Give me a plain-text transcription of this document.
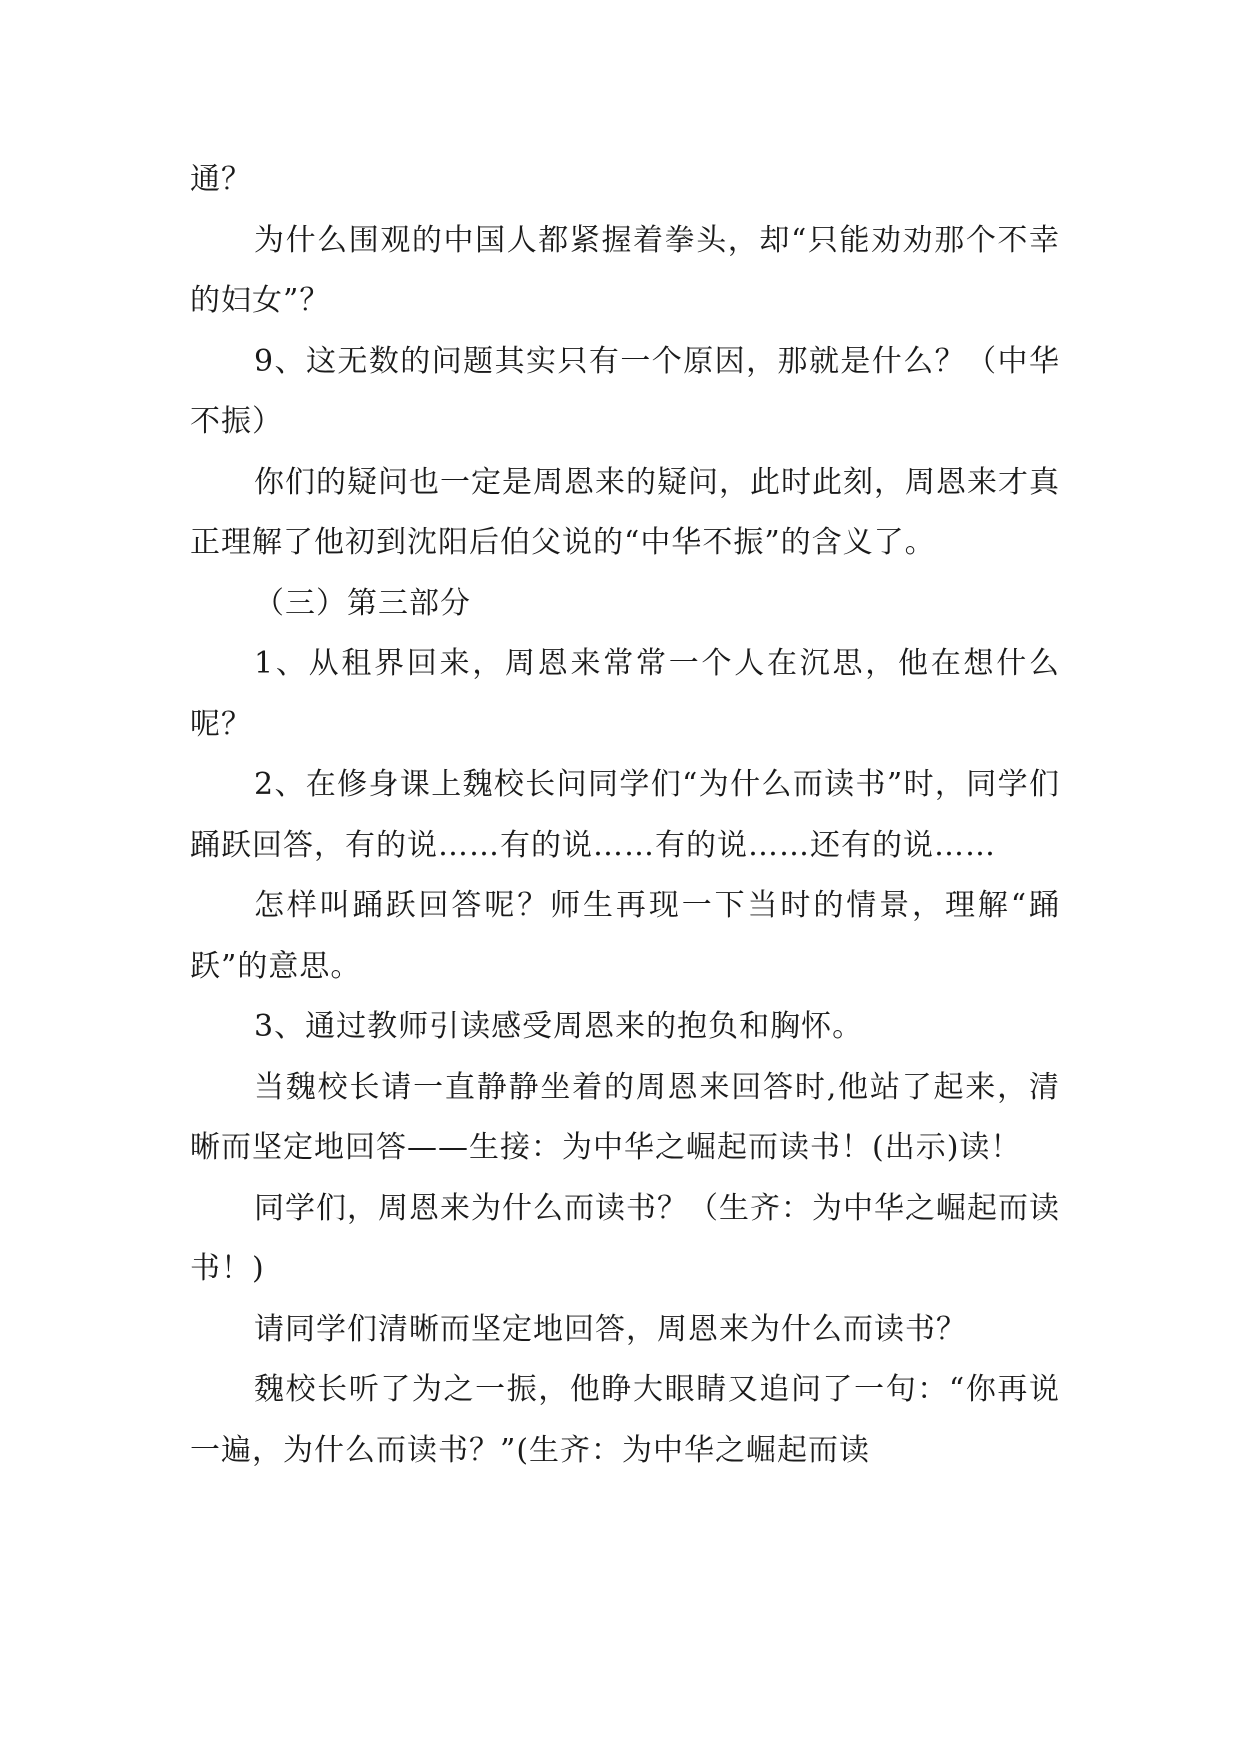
通？

为什么围观的中国人都紧握着拳头，却“只能劝劝那个不幸的妇女”？

9、这无数的问题其实只有一个原因，那就是什么？（中华不振）

你们的疑问也一定是周恩来的疑问，此时此刻，周恩来才真正理解了他初到沈阳后伯父说的“中华不振”的含义了。

（三）第三部分

1、从租界回来，周恩来常常一个人在沉思，他在想什么呢？

2、在修身课上魏校长问同学们“为什么而读书”时，同学们踊跃回答，有的说……有的说……有的说……还有的说……

怎样叫踊跃回答呢？师生再现一下当时的情景，理解“踊跃”的意思。

3、通过教师引读感受周恩来的抱负和胸怀。

当魏校长请一直静静坐着的周恩来回答时,他站了起来，清晰而坚定地回答——生接：为中华之崛起而读书！(出示)读！

同学们，周恩来为什么而读书？（生齐：为中华之崛起而读书！)

请同学们清晰而坚定地回答，周恩来为什么而读书？

魏校长听了为之一振，他睁大眼睛又追问了一句：“你再说一遍，为什么而读书？”(生齐：为中华之崛起而读
